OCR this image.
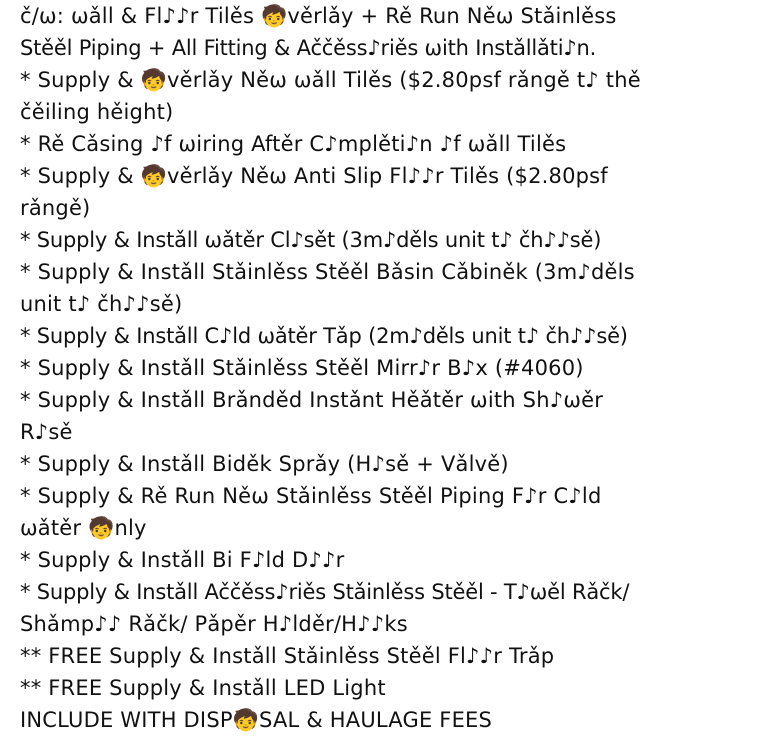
č/ω: ωǎll & Fl♪♪r Tilěs 🧒věrlǎy + Rě Run Něω Stǎinlěss
Stěěl Piping + All Fitting & Aččěss♪riěs ωith Instǎllǎti♪n.
* Supply & 🧒věrlǎy Něω ωǎll Tilěs ($2.80psf rǎngě t♪ thě
čěiling hěight)
* Rě Cǎsing ♪f ωiring Aftěr C♪mplěti♪n ♪f ωǎll Tilěs
* Supply & 🧒věrlǎy Něω Anti Slip Fl♪♪r Tilěs ($2.80psf
rǎngě)
* Supply & Instǎll ωǎtěr Cl♪sět (3m♪děls unit t♪ čh♪♪sě)
* Supply & Instǎll Stǎinlěss Stěěl Bǎsin Cǎbiněk (3m♪děls
unit t♪ čh♪♪sě)
* Supply & Instǎll C♪ld ωǎtěr Tǎp (2m♪děls unit t♪ čh♪♪sě)
* Supply & Instǎll Stǎinlěss Stěěl Mirr♪r B♪x (#4060)
* Supply & Instǎll Brǎnděd Instǎnt Hěǎtěr ωith Sh♪ωěr
R♪sě
* Supply & Instǎll Biděk Sprǎy (H♪sě + Vǎlvě)
* Supply & Rě Run Něω Stǎinlěss Stěěl Piping F♪r C♪ld
ωǎtěr 🧒nly
* Supply & Instǎll Bi F♪ld D♪♪r
* Supply & Instǎll Aččěss♪riěs Stǎinlěss Stěěl - T♪ωěl Rǎčk/
Shǎmp♪♪ Rǎčk/ Pǎpěr H♪lděr/H♪♪ks
** FREE Supply & Instǎll Stǎinlěss Stěěl Fl♪♪r Trǎp
** FREE Supply & Instǎll LED Light
INCLUDE WITH DISP🧒SAL & HAULAGE FEES
